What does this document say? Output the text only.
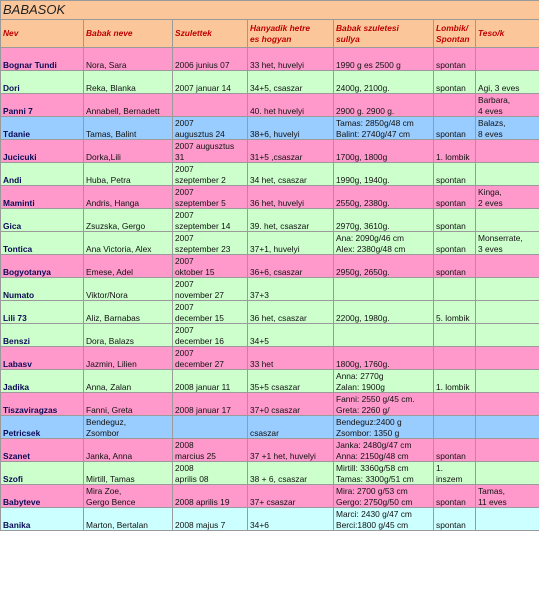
BABASOK						

Nev	Babak neve	Szulettek	Hanyadik hetre
es hogyan	Babak szuletesi
sullya	Lombik/
Spontan	Teso/k

Bognar Tundi	Nora, Sara	2006 junius 07	33 het, huvelyi	1990 g es 2500 g	spontan	

Dori	Reka, Blanka	2007 januar 14	34+5, csaszar	2400g, 2100g.	spontan	Agi, 3 eves

Panni 7	Annabell, Bernadett		40. het huvelyi	2900 g. 2900 g.		Barbara,
4 eves

Tdanie	Tamas, Balint	2007
augusztus 24	38+6, huvelyi	Tamas: 2850g/48 cm
Balint: 2740g/47 cm	spontan	Balazs,
8 eves

Jucicuki	Dorka,Lili	2007 augusztus
31	31+5 ,csaszar	1700g, 1800g	1. lombik	

Andi	Huba, Petra	2007
szeptember 2	34 het, csaszar	1990g, 1940g.	spontan	

Maminti	Andris, Hanga	2007
szeptember 5	36 het, huvelyi	2550g, 2380g.	spontan	Kinga,
2 eves

Gica	Zsuzska, Gergo	2007
szeptember 14	39. het, csaszar	2970g, 3610g.	spontan	

Tontica	Ana Victoria, Alex	2007
szeptember 23	37+1, huvelyi	Ana: 2090g/46 cm
Alex: 2380g/48 cm	spontan	Monserrate,
3 eves

Bogyotanya	Emese, Adel	2007
oktober 15	36+6, csaszar	2950g, 2650g.	spontan	

Numato	Viktor/Nora	2007
november 27	37+3			

Lili 73	Aliz, Barnabas	2007
december 15	36 het, csaszar	2200g, 1980g.	5. lombik	

Benszi	Dora, Balazs	2007
december 16	34+5			

Labasv	Jazmin, Lilien	2007
december 27	33 het	1800g, 1760g.		

Jadika	Anna, Zalan	2008 januar 11	35+5 csaszar	Anna: 2770g
Zalan: 1900g	1. lombik	

Tiszaviragzas	Fanni, Greta	2008 januar 17	37+0 csaszar	Fanni: 2550 g/45 cm.
Greta: 2260 g/		

Petricsek	Bendeguz,
Zsombor		csaszar	Bendeguz:2400 g
Zsombor: 1350 g		

Szanet	Janka, Anna	2008
marcius 25	37 +1 het, huvelyi	Janka: 2480g/47 cm
Anna: 2150g/48 cm	spontan	

Szofi	Mirtill, Tamas	2008
aprilis 08	38 + 6, csaszar	Mirtill: 3360g/58 cm
Tamas: 3300g/51 cm	1.
inszem	

Babyteve	Mira Zoe,
Gergo Bence	2008 aprilis 19	37+ csaszar	Mira: 2700 g/53 cm
Gergo: 2750g/50 cm	spontan	Tamas,
11 eves

Banika	Marton, Bertalan	2008 majus 7	34+6	Marci: 2430 g/47 cm
Berci:1800 g/45 cm	spontan	
